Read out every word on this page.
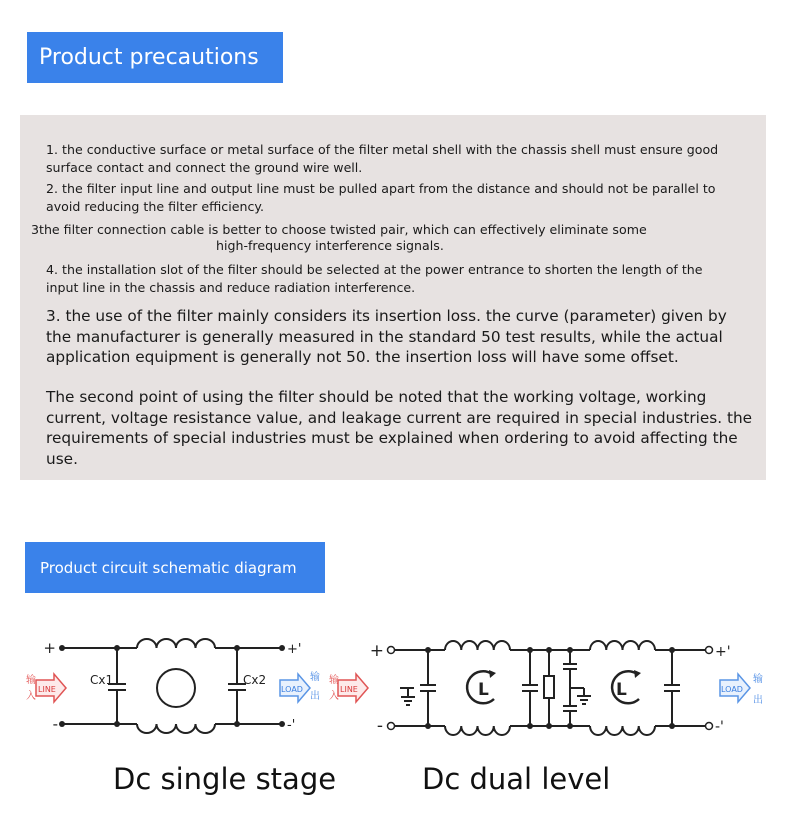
Product precautions

1. the conductive surface or metal surface of the filter metal shell with the chassis shell must ensure good surface contact and connect the ground wire well.

2. the filter input line and output line must be pulled apart from the distance and should not be parallel to avoid reducing the filter efficiency.

3the filter connection cable is better to choose twisted pair, which can effectively eliminate some

high-frequency interference signals.

4. the installation slot of the filter should be selected at the power entrance to shorten the length of the input line in the chassis and reduce radiation interference.

3. the use of the filter mainly considers its insertion loss. the curve (parameter) given by the manufacturer is generally measured in the standard 50 test results, while the actual application equipment is generally not 50. the insertion loss will have some offset.

The second point of using the filter should be noted that the working voltage, working current, voltage resistance value, and leakage current are required in special industries. the requirements of special industries must be explained when ordering to avoid affecting the use.

Product circuit schematic diagram
+
-
+'
-'
Cx1	Cx2
LINE
输
入
LOAD
输
出
LINE
输
入	L	L
+
-
+'
-'
LOAD
输
出
Dc single stage	Dc dual level
